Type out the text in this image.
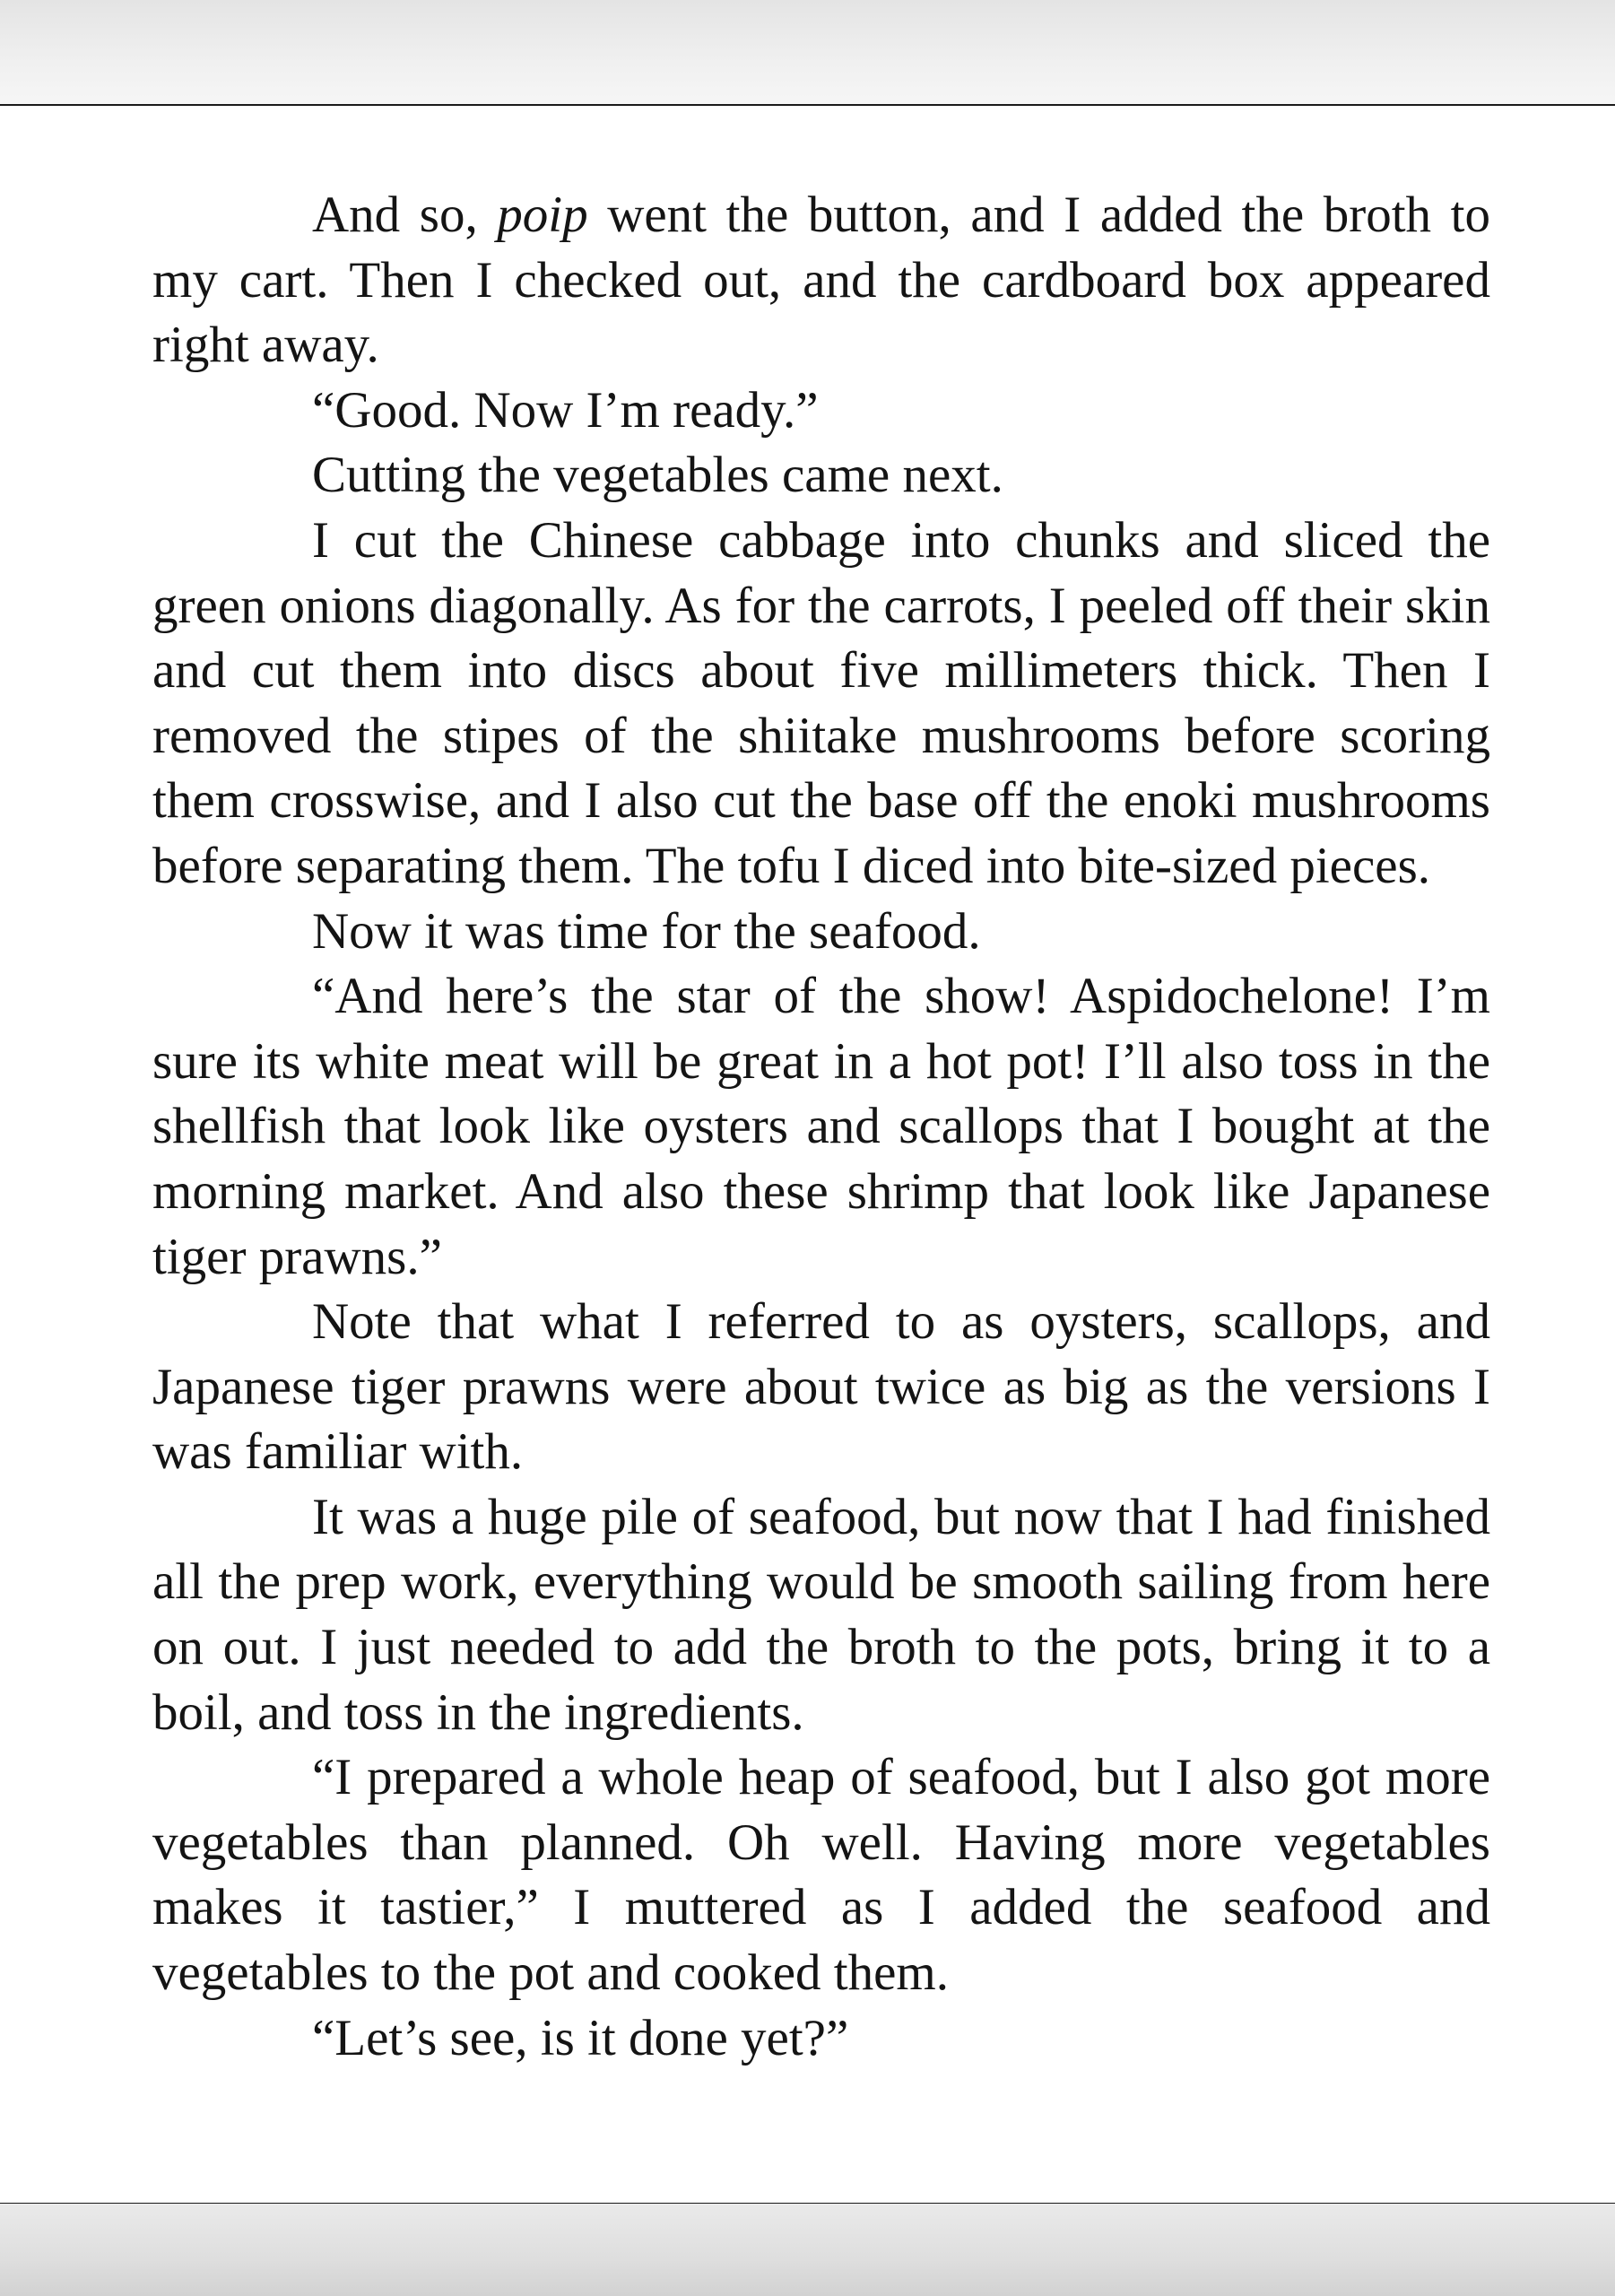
And so, poip went the button, and I added the broth to my cart. Then I checked out, and the cardboard box appeared right away.

“Good. Now I’m ready.”

Cutting the vegetables came next.

I cut the Chinese cabbage into chunks and sliced the green onions diagonally. As for the carrots, I peeled off their skin and cut them into discs about five millimeters thick. Then I removed the stipes of the shiitake mushrooms before scoring them crosswise, and I also cut the base off the enoki mushrooms before separating them. The tofu I diced into bite-sized pieces.

Now it was time for the seafood.

“And here’s the star of the show! Aspidochelone! I’m sure its white meat will be great in a hot pot! I’ll also toss in the shellfish that look like oysters and scallops that I bought at the morning market. And also these shrimp that look like Japanese tiger prawns.”

Note that what I referred to as oysters, scallops, and Japanese tiger prawns were about twice as big as the versions I was familiar with.

It was a huge pile of seafood, but now that I had finished all the prep work, everything would be smooth sailing from here on out. I just needed to add the broth to the pots, bring it to a boil, and toss in the ingredients.

“I prepared a whole heap of seafood, but I also got more vegetables than planned. Oh well. Having more vegetables makes it tastier,” I muttered as I added the seafood and vegetables to the pot and cooked them.

“Let’s see, is it done yet?”
